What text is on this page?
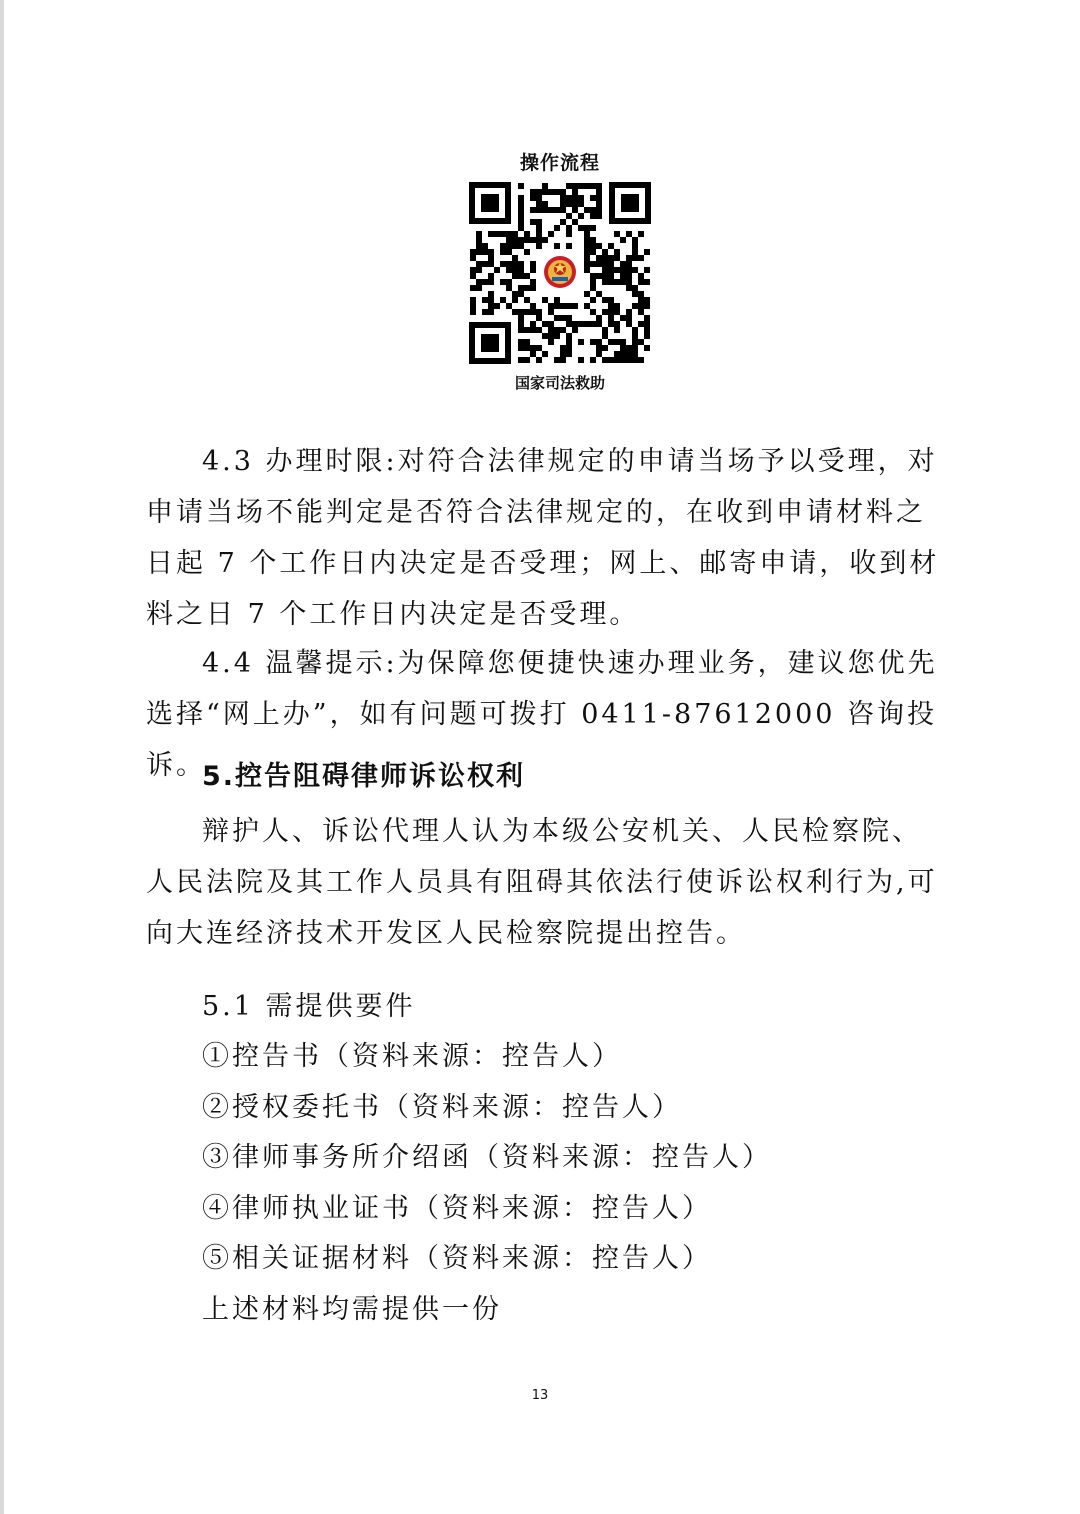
操作流程
国家司法救助

4.3 办理时限:对符合法律规定的申请当场予以受理，对申请当场不能判定是否符合法律规定的，在收到申请材料之日起 7 个工作日内决定是否受理；网上、邮寄申请，收到材料之日 7 个工作日内决定是否受理。

4.4 温馨提示:为保障您便捷快速办理业务，建议您优先选择“网上办”，如有问题可拨打 0411-87612000 咨询投诉。

5.控告阻碍律师诉讼权利

辩护人、诉讼代理人认为本级公安机关、人民检察院、人民法院及其工作人员具有阻碍其依法行使诉讼权利行为,可向大连经济技术开发区人民检察院提出控告。

5.1 需提供要件
①控告书（资料来源：控告人）
②授权委托书（资料来源：控告人）
③律师事务所介绍函（资料来源：控告人）
④律师执业证书（资料来源：控告人）
⑤相关证据材料（资料来源：控告人）
上述材料均需提供一份
13
